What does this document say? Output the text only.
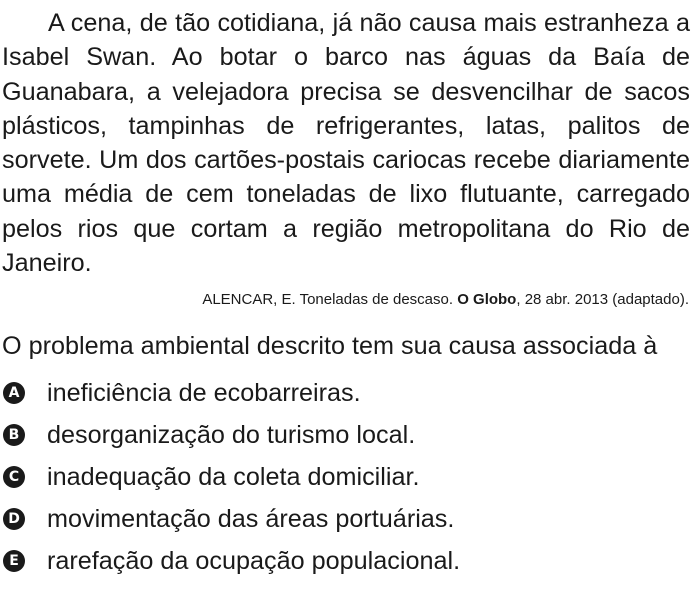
A cena, de tão cotidiana, já não causa mais estranheza a Isabel Swan. Ao botar o barco nas águas da Baía de Guanabara, a velejadora precisa se desvencilhar de sacos plásticos, tampinhas de refrigerantes, latas, palitos de sorvete. Um dos cartões-postais cariocas recebe diariamente uma média de cem toneladas de lixo flutuante, carregado pelos rios que cortam a região metropolitana do Rio de Janeiro.

ALENCAR, E. Toneladas de descaso. O Globo, 28 abr. 2013 (adaptado).
O problema ambiental descrito tem sua causa associada à
A ineficiência de ecobarreiras.
B desorganização do turismo local.
C inadequação da coleta domiciliar.
D movimentação das áreas portuárias.
E rarefação da ocupação populacional.
